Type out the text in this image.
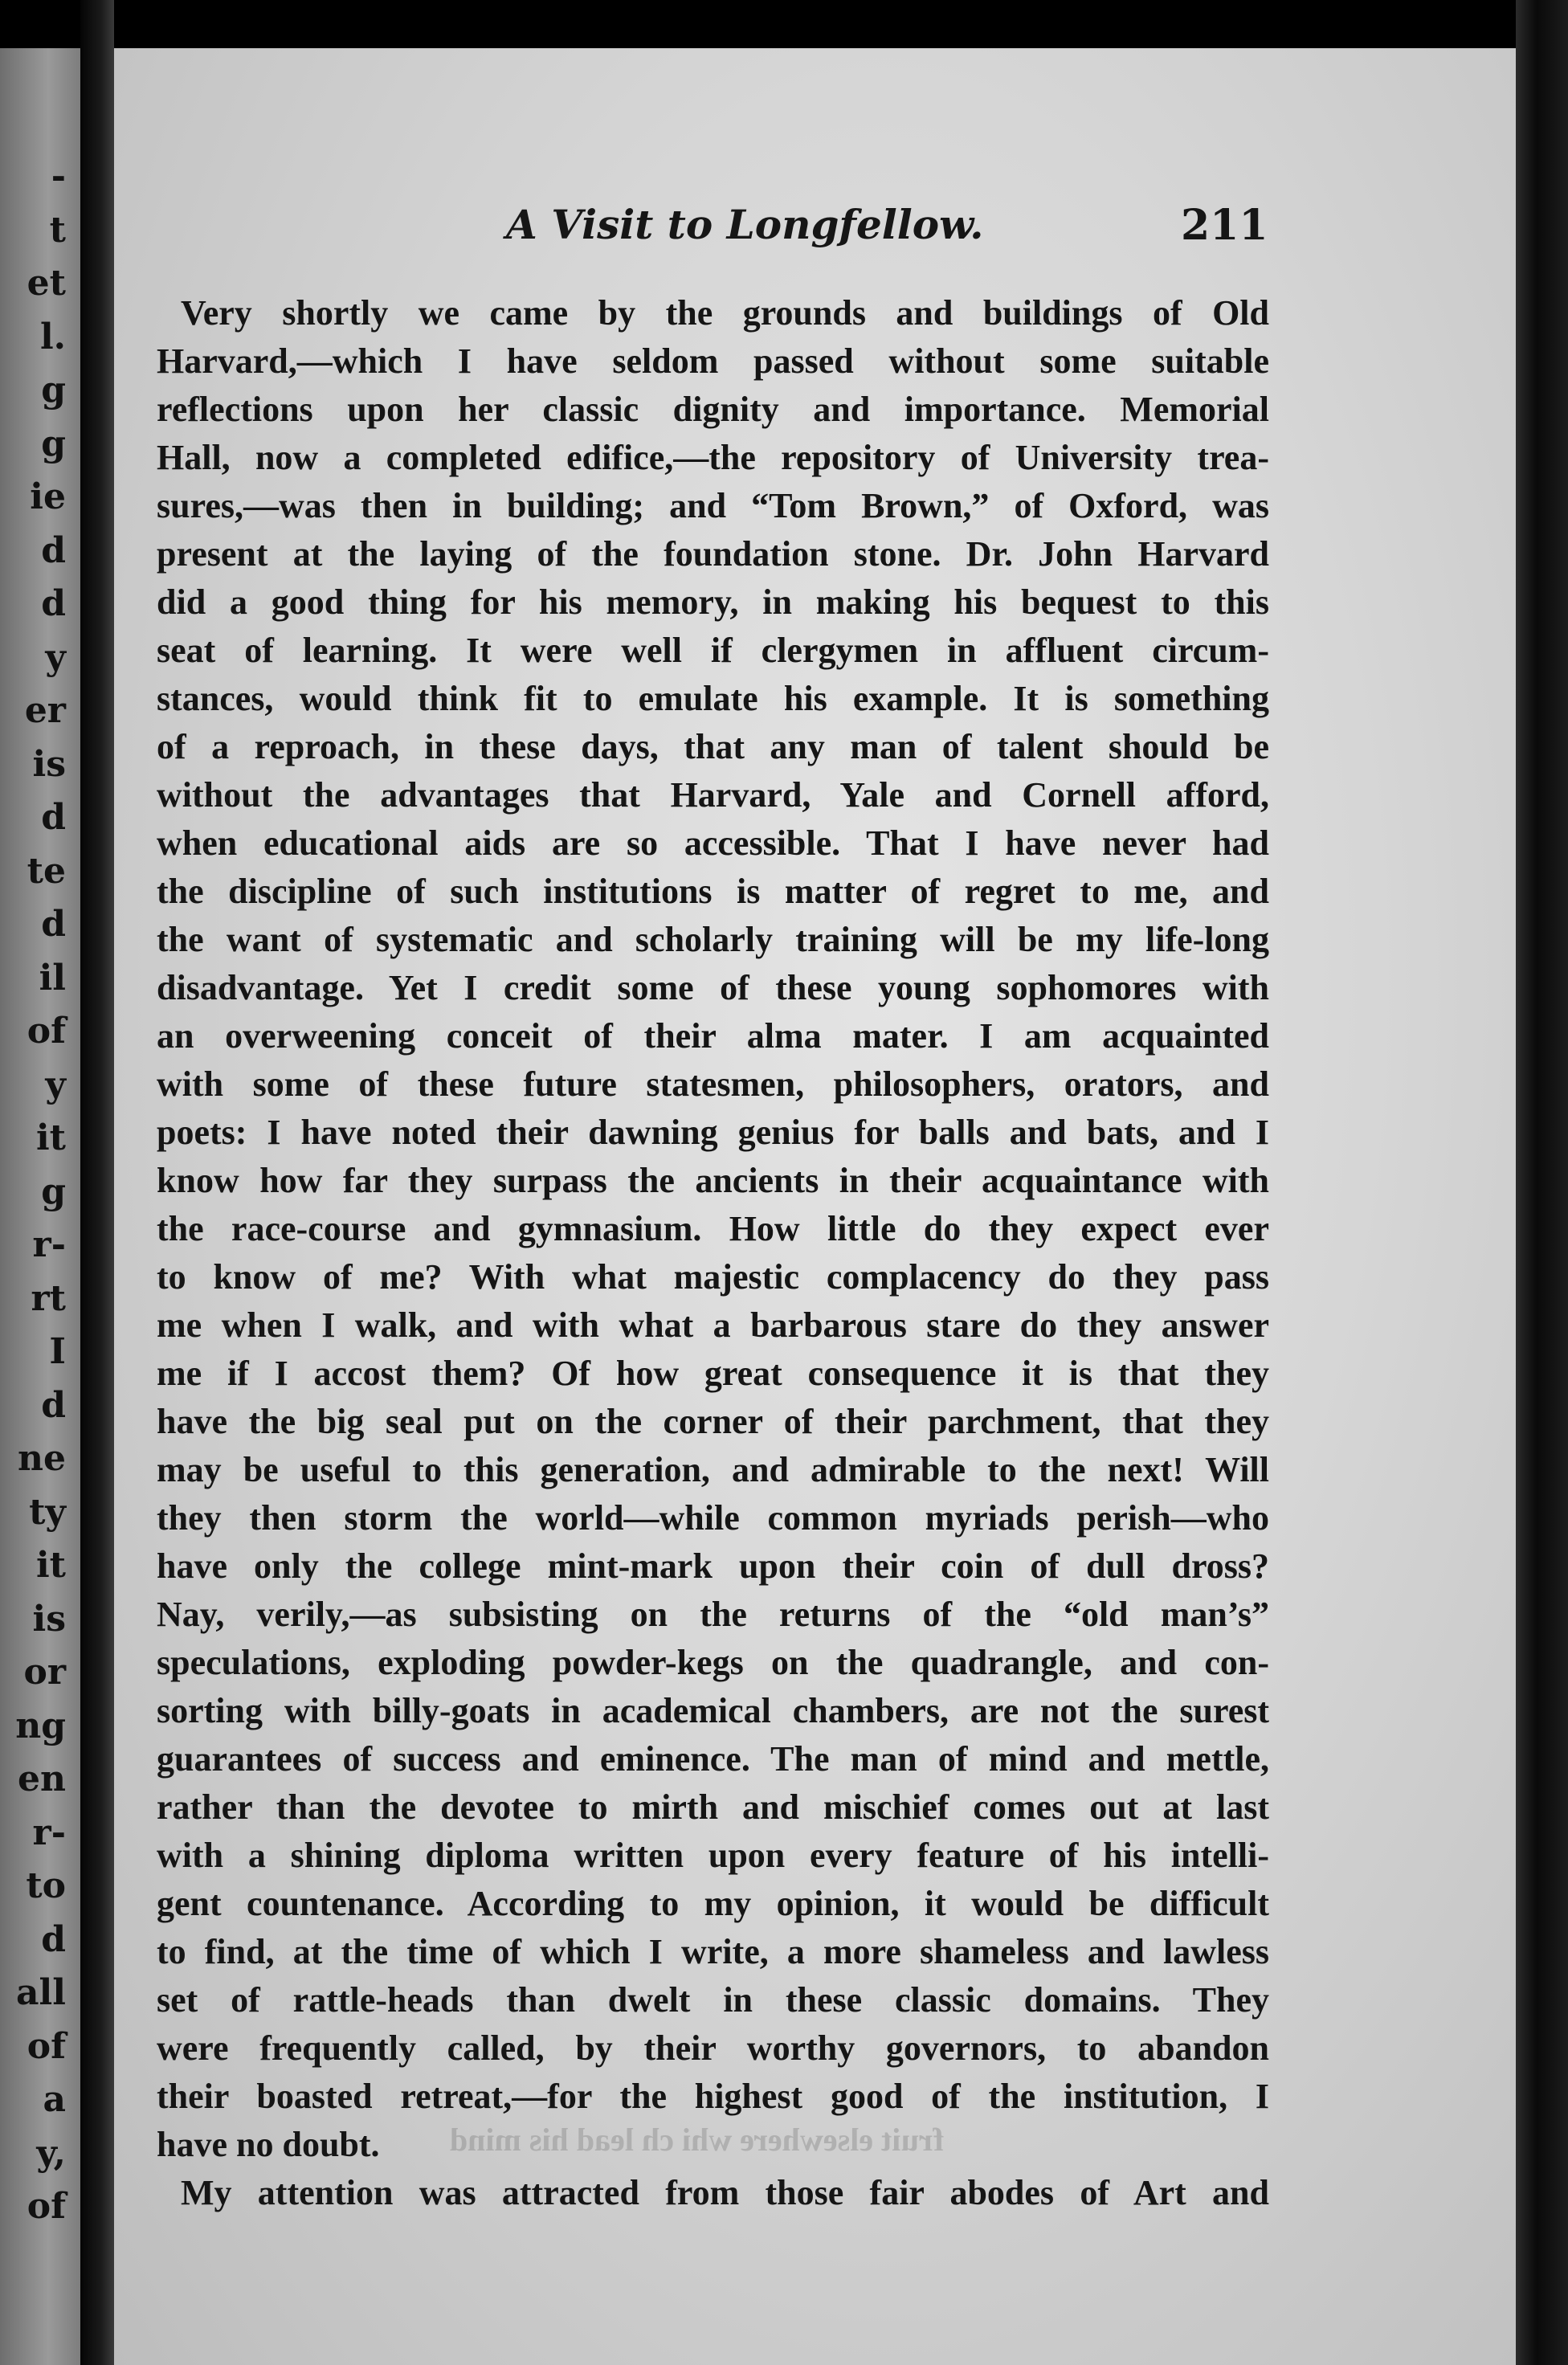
-
t
et
l.
g
g
ie
d
d
y
er
is
d
te
d
il
of
y
it
g
r-
rt
I
d
ne
ty
it
is
or
ng
en
r-
to
d
all
of
a
y,
of
A Visit to Longfellow.	211
Very shortly we came by the grounds and buildings of Old
Harvard,—which I have seldom passed without some suitable
reflections upon her classic dignity and importance. Memorial
Hall, now a completed edifice,—the repository of University trea-
sures,—was then in building; and “Tom Brown,” of Oxford, was
present at the laying of the foundation stone. Dr. John Harvard
did a good thing for his memory, in making his bequest to this
seat of learning. It were well if clergymen in affluent circum-
stances, would think fit to emulate his example. It is something
of a reproach, in these days, that any man of talent should be
without the advantages that Harvard, Yale and Cornell afford,
when educational aids are so accessible. That I have never had
the discipline of such institutions is matter of regret to me, and
the want of systematic and scholarly training will be my life-long
disadvantage. Yet I credit some of these young sophomores with
an overweening conceit of their alma mater. I am acquainted
with some of these future statesmen, philosophers, orators, and
poets: I have noted their dawning genius for balls and bats, and I
know how far they surpass the ancients in their acquaintance with
the race-course and gymnasium. How little do they expect ever
to know of me? With what majestic complacency do they pass
me when I walk, and with what a barbarous stare do they answer
me if I accost them? Of how great consequence it is that they
have the big seal put on the corner of their parchment, that they
may be useful to this generation, and admirable to the next! Will
they then storm the world—while common myriads perish—who
have only the college mint-mark upon their coin of dull dross?
Nay, verily,—as subsisting on the returns of the “old man’s”
speculations, exploding powder-kegs on the quadrangle, and con-
sorting with billy-goats in academical chambers, are not the surest
guarantees of success and eminence. The man of mind and mettle,
rather than the devotee to mirth and mischief comes out at last
with a shining diploma written upon every feature of his intelli-
gent countenance. According to my opinion, it would be difficult
to find, at the time of which I write, a more shameless and lawless
set of rattle-heads than dwelt in these classic domains. They
were frequently called, by their worthy governors, to abandon
their boasted retreat,—for the highest good of the institution, I
have no doubt.
My attention was attracted from those fair abodes of Art and
fruit elsewhere whi ch lead his mind
